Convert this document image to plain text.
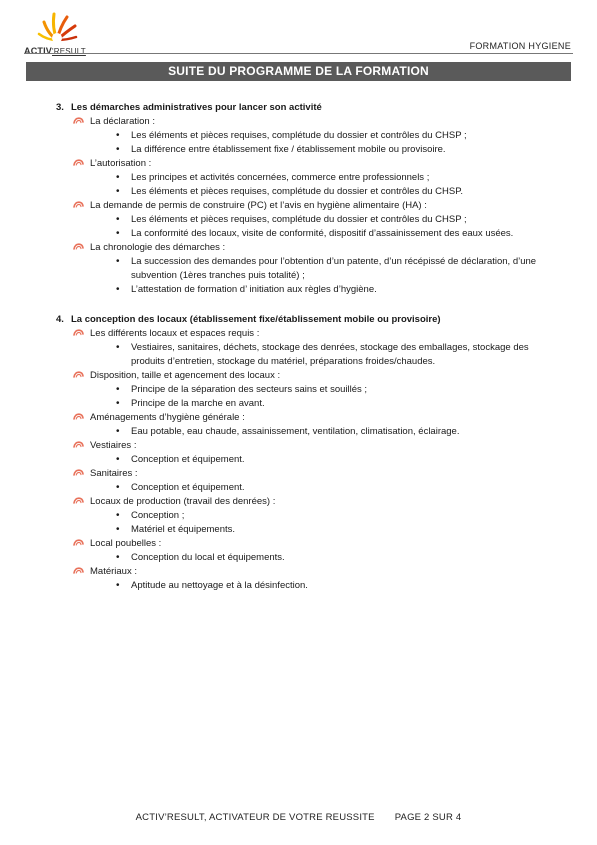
ACTIV'RESULT
FORMATION HYGIENE
SUITE DU PROGRAMME DE LA FORMATION
3. Les démarches administratives pour lancer son activité
La déclaration :
• Les éléments et pièces requises, complétude du dossier et contrôles du CHSP ;
• La différence entre établissement fixe / établissement mobile ou provisoire.
L’autorisation :
• Les principes et activités concernées, commerce entre professionnels ;
• Les éléments et pièces requises, complétude du dossier et contrôles du CHSP.
La demande de permis de construire (PC) et l’avis en hygiène alimentaire (HA) :
• Les éléments et pièces requises, complétude du dossier et contrôles du CHSP ;
• La conformité des locaux, visite de conformité, dispositif d’assainissement des eaux usées.
La chronologie des démarches :
• La succession des demandes pour l’obtention d’un patente, d’un récépissé de déclaration, d’une subvention (1ères tranches puis totalité) ;
• L’attestation de formation d’ initiation aux règles d’hygiène.
4. La conception des locaux (établissement fixe/établissement mobile ou provisoire)
Les différents locaux et espaces requis :
• Vestiaires, sanitaires, déchets, stockage des denrées, stockage des emballages, stockage des produits d’entretien, stockage du matériel, préparations froides/chaudes.
Disposition, taille et agencement des locaux :
• Principe de la séparation des secteurs sains et souillés ;
• Principe de la marche en avant.
Aménagements d’hygiène générale :
• Eau potable, eau chaude, assainissement, ventilation, climatisation, éclairage.
Vestiaires :
• Conception et équipement.
Sanitaires :
• Conception et équipement.
Locaux de production (travail des denrées) :
• Conception ;
• Matériel et équipements.
Local poubelles :
• Conception du local et équipements.
Matériaux :
• Aptitude au nettoyage et à la désinfection.
ACTIV’RESULT, ACTIVATEUR DE VOTRE REUSSITE PAGE 2 SUR 4
